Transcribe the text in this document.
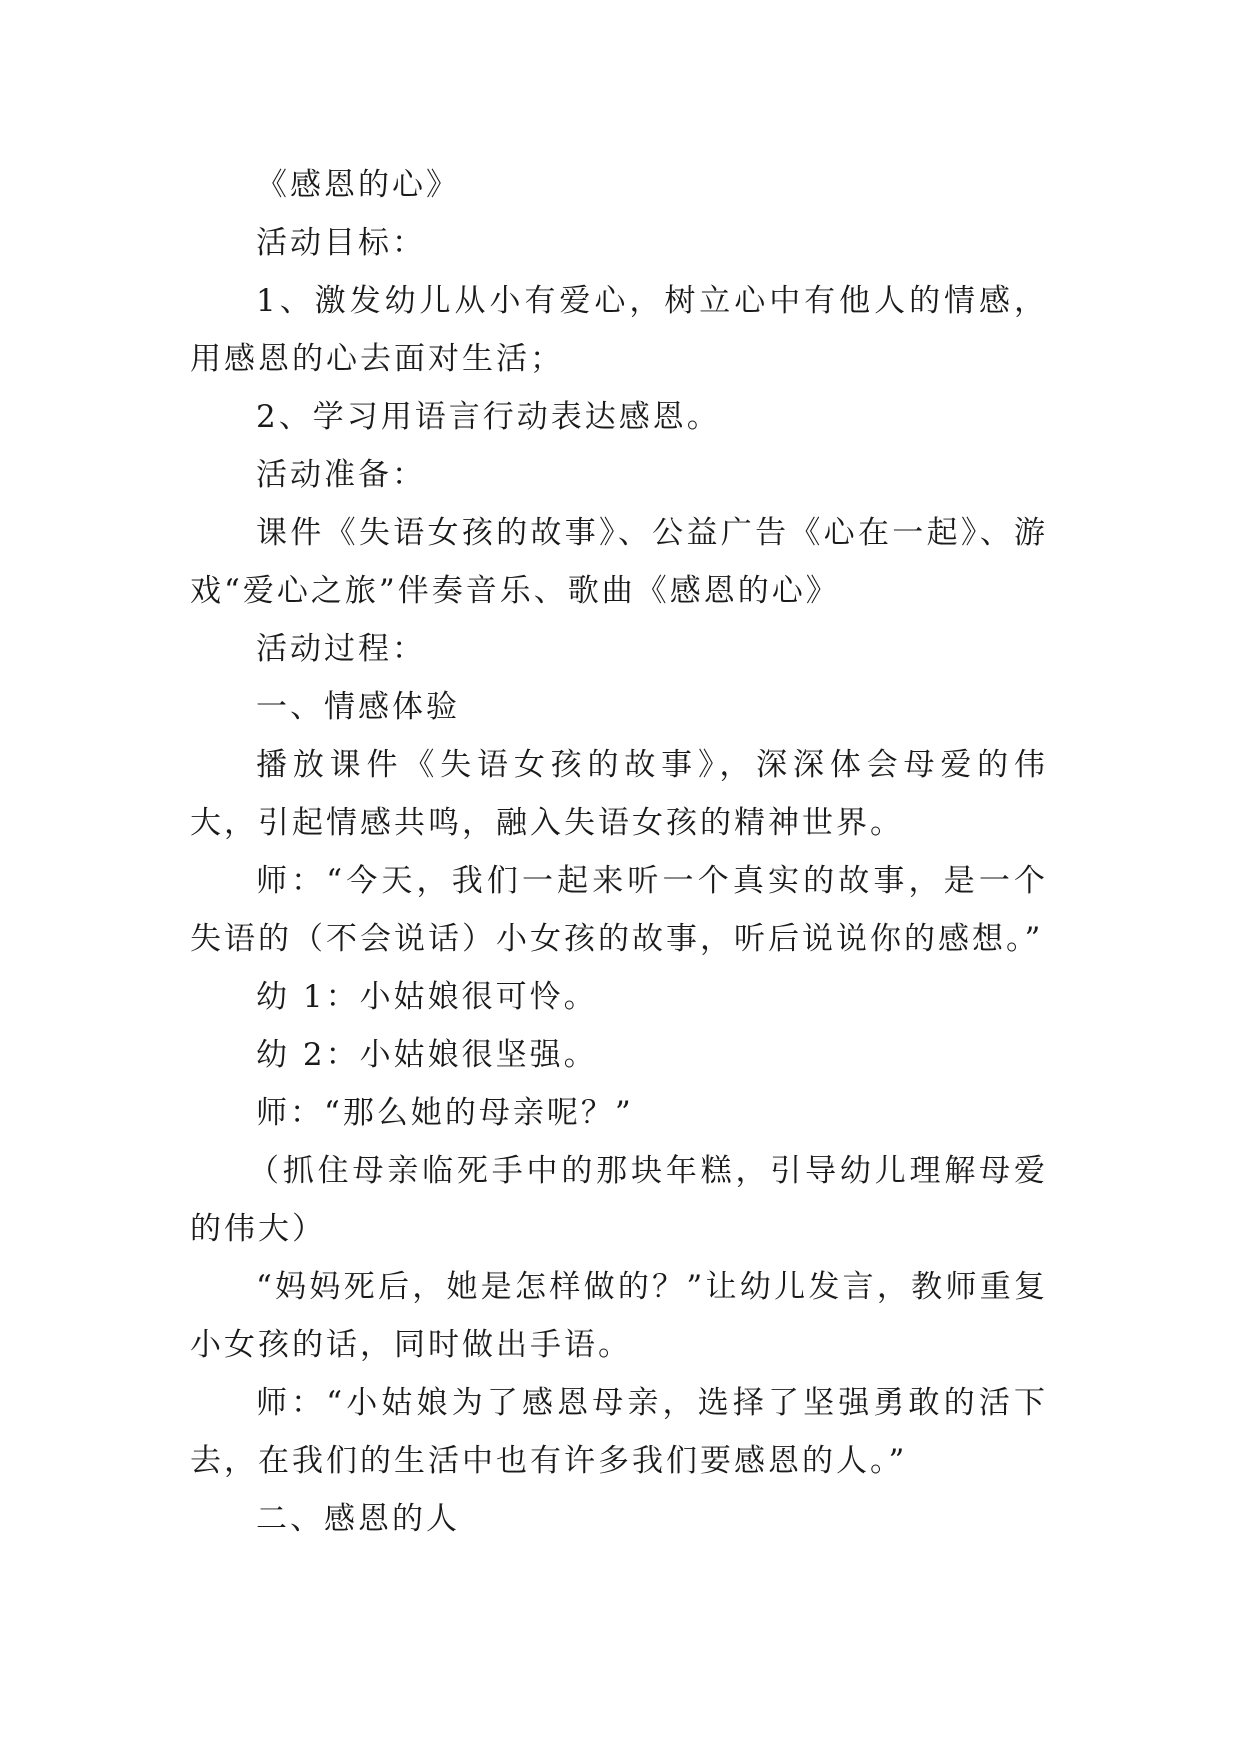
《感恩的心》

活动目标：

1、激发幼儿从小有爱心，树立心中有他人的情感，用感恩的心去面对生活；

2、学习用语言行动表达感恩。

活动准备：

课件《失语女孩的故事》、公益广告《心在一起》、游戏“爱心之旅”伴奏音乐、歌曲《感恩的心》

活动过程：

一、情感体验

播放课件《失语女孩的故事》，深深体会母爱的伟大，引起情感共鸣，融入失语女孩的精神世界。

师：“今天，我们一起来听一个真实的故事，是一个失语的（不会说话）小女孩的故事，听后说说你的感想。”

幼 1：小姑娘很可怜。

幼 2：小姑娘很坚强。

师：“那么她的母亲呢？”

（抓住母亲临死手中的那块年糕，引导幼儿理解母爱的伟大）

“妈妈死后，她是怎样做的？”让幼儿发言，教师重复小女孩的话，同时做出手语。

师：“小姑娘为了感恩母亲，选择了坚强勇敢的活下去，在我们的生活中也有许多我们要感恩的人。”

二、感恩的人
